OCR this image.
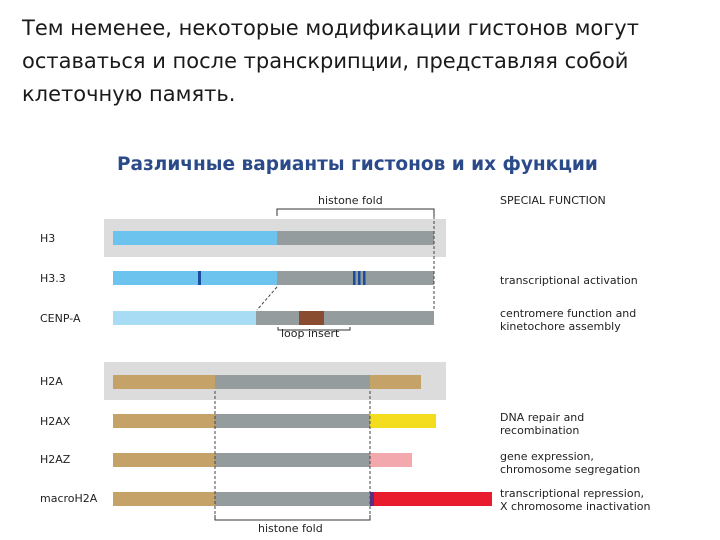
Тем неменее, некоторые модификации гистонов могут
оставаться и после транскрипции, представляя собой
клеточную память.
Различные варианты гистонов и их функции
histone fold	SPECIAL FUNCTION
H3
H3.3
CENP-A
H2A
H2AX
H2AZ
macroH2A
loop insert
histone fold
transcriptional activation
centromere function and
kinetochore assembly
DNA repair and
recombination
gene expression,
chromosome segregation
transcriptional repression,
X chromosome inactivation
